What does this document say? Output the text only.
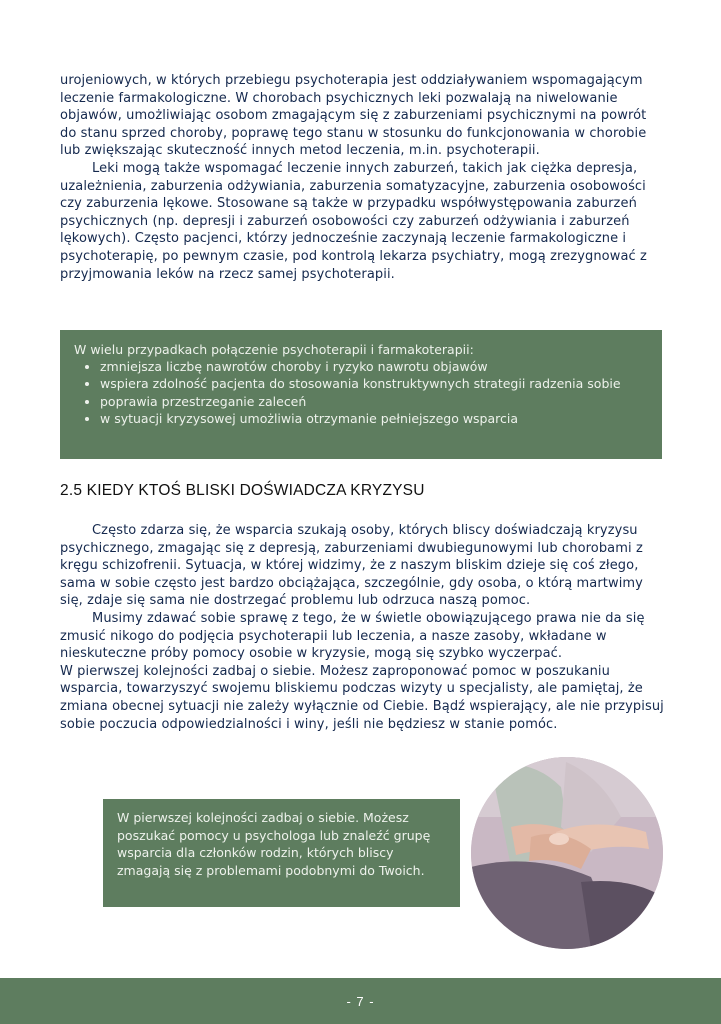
urojeniowych, w których przebiegu psychoterapia jest oddziaływaniem wspomagającym leczenie farmakologiczne. W chorobach psychicznych leki pozwalają na niwelowanie objawów, umożliwiając osobom zmagającym się z zaburzeniami psychicznymi na powrót do stanu sprzed choroby, poprawę tego stanu w stosunku do funkcjonowania w chorobie lub zwiększając skuteczność innych metod leczenia, m.in. psychoterapii.

Leki mogą także wspomagać leczenie innych zaburzeń, takich jak ciężka depresja, uzależnienia, zaburzenia odżywiania, zaburzenia somatyzacyjne, zaburzenia osobowości czy zaburzenia lękowe. Stosowane są także w przypadku współwystępowania zaburzeń psychicznych (np. depresji i zaburzeń osobowości czy zaburzeń odżywiania i zaburzeń lękowych). Często pacjenci, którzy jednocześnie zaczynają leczenie farmakologiczne i psychoterapię, po pewnym czasie, pod kontrolą lekarza psychiatry, mogą zrezygnować z przyjmowania leków na rzecz samej psychoterapii.

W wielu przypadkach połączenie psychoterapii i farmakoterapii:
• zmniejsza liczbę nawrotów choroby i ryzyko nawrotu objawów
• wspiera zdolność pacjenta do stosowania konstruktywnych strategii radzenia sobie
• poprawia przestrzeganie zaleceń
• w sytuacji kryzysowej umożliwia otrzymanie pełniejszego wsparcia
2.5 KIEDY KTOŚ BLISKI DOŚWIADCZA KRYZYSU

Często zdarza się, że wsparcia szukają osoby, których bliscy doświadczają kryzysu psychicznego, zmagając się z depresją, zaburzeniami dwubiegunowymi lub chorobami z kręgu schizofrenii. Sytuacja, w której widzimy, że z naszym bliskim dzieje się coś złego, sama w sobie często jest bardzo obciążająca, szczególnie, gdy osoba, o którą martwimy się, zdaje się sama nie dostrzegać problemu lub odrzuca naszą pomoc.

Musimy zdawać sobie sprawę z tego, że w świetle obowiązującego prawa nie da się zmusić nikogo do podjęcia psychoterapii lub leczenia, a nasze zasoby, wkładane w nieskuteczne próby pomocy osobie w kryzysie, mogą się szybko wyczerpać.

W pierwszej kolejności zadbaj o siebie. Możesz zaproponować pomoc w poszukaniu wsparcia, towarzyszyć swojemu bliskiemu podczas wizyty u specjalisty, ale pamiętaj, że zmiana obecnej sytuacji nie zależy wyłącznie od Ciebie. Bądź wspierający, ale nie przypisuj sobie poczucia odpowiedzialności i winy, jeśli nie będziesz w stanie pomóc.

W pierwszej kolejności zadbaj o siebie. Możesz poszukać pomocy u psychologa lub znaleźć grupę wsparcia dla członków rodzin, których bliscy zmagają się z problemami podobnymi do Twoich.
- 7 -
